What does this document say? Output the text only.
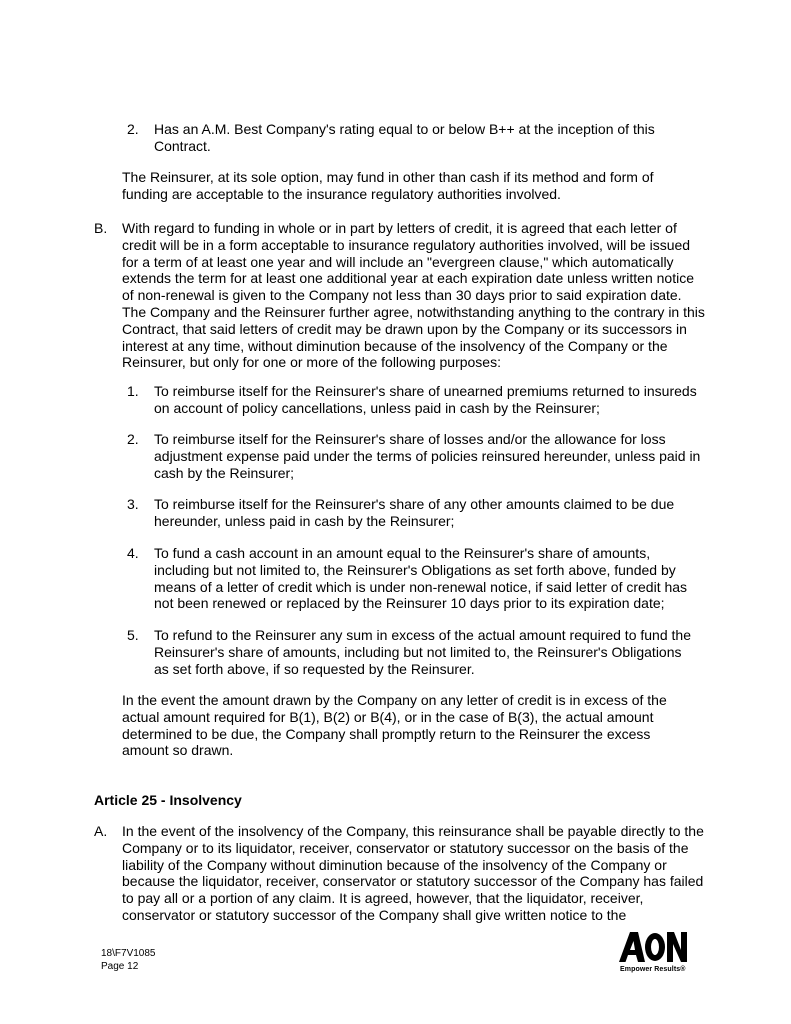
2. Has an A.M. Best Company's rating equal to or below B++ at the inception of this Contract.
The Reinsurer, at its sole option, may fund in other than cash if its method and form of funding are acceptable to the insurance regulatory authorities involved.
B. With regard to funding in whole or in part by letters of credit, it is agreed that each letter of credit will be in a form acceptable to insurance regulatory authorities involved, will be issued for a term of at least one year and will include an "evergreen clause," which automatically extends the term for at least one additional year at each expiration date unless written notice of non-renewal is given to the Company not less than 30 days prior to said expiration date. The Company and the Reinsurer further agree, notwithstanding anything to the contrary in this Contract, that said letters of credit may be drawn upon by the Company or its successors in interest at any time, without diminution because of the insolvency of the Company or the Reinsurer, but only for one or more of the following purposes:
1. To reimburse itself for the Reinsurer's share of unearned premiums returned to insureds on account of policy cancellations, unless paid in cash by the Reinsurer;
2. To reimburse itself for the Reinsurer's share of losses and/or the allowance for loss adjustment expense paid under the terms of policies reinsured hereunder, unless paid in cash by the Reinsurer;
3. To reimburse itself for the Reinsurer's share of any other amounts claimed to be due hereunder, unless paid in cash by the Reinsurer;
4. To fund a cash account in an amount equal to the Reinsurer's share of amounts, including but not limited to, the Reinsurer's Obligations as set forth above, funded by means of a letter of credit which is under non-renewal notice, if said letter of credit has not been renewed or replaced by the Reinsurer 10 days prior to its expiration date;
5. To refund to the Reinsurer any sum in excess of the actual amount required to fund the Reinsurer's share of amounts, including but not limited to, the Reinsurer's Obligations as set forth above, if so requested by the Reinsurer.
In the event the amount drawn by the Company on any letter of credit is in excess of the actual amount required for B(1), B(2) or B(4), or in the case of B(3), the actual amount determined to be due, the Company shall promptly return to the Reinsurer the excess amount so drawn.
Article 25 - Insolvency
A. In the event of the insolvency of the Company, this reinsurance shall be payable directly to the Company or to its liquidator, receiver, conservator or statutory successor on the basis of the liability of the Company without diminution because of the insolvency of the Company or because the liquidator, receiver, conservator or statutory successor of the Company has failed to pay all or a portion of any claim. It is agreed, however, that the liquidator, receiver, conservator or statutory successor of the Company shall give written notice to the
18\F7V1085
Page 12	Empower Results®
